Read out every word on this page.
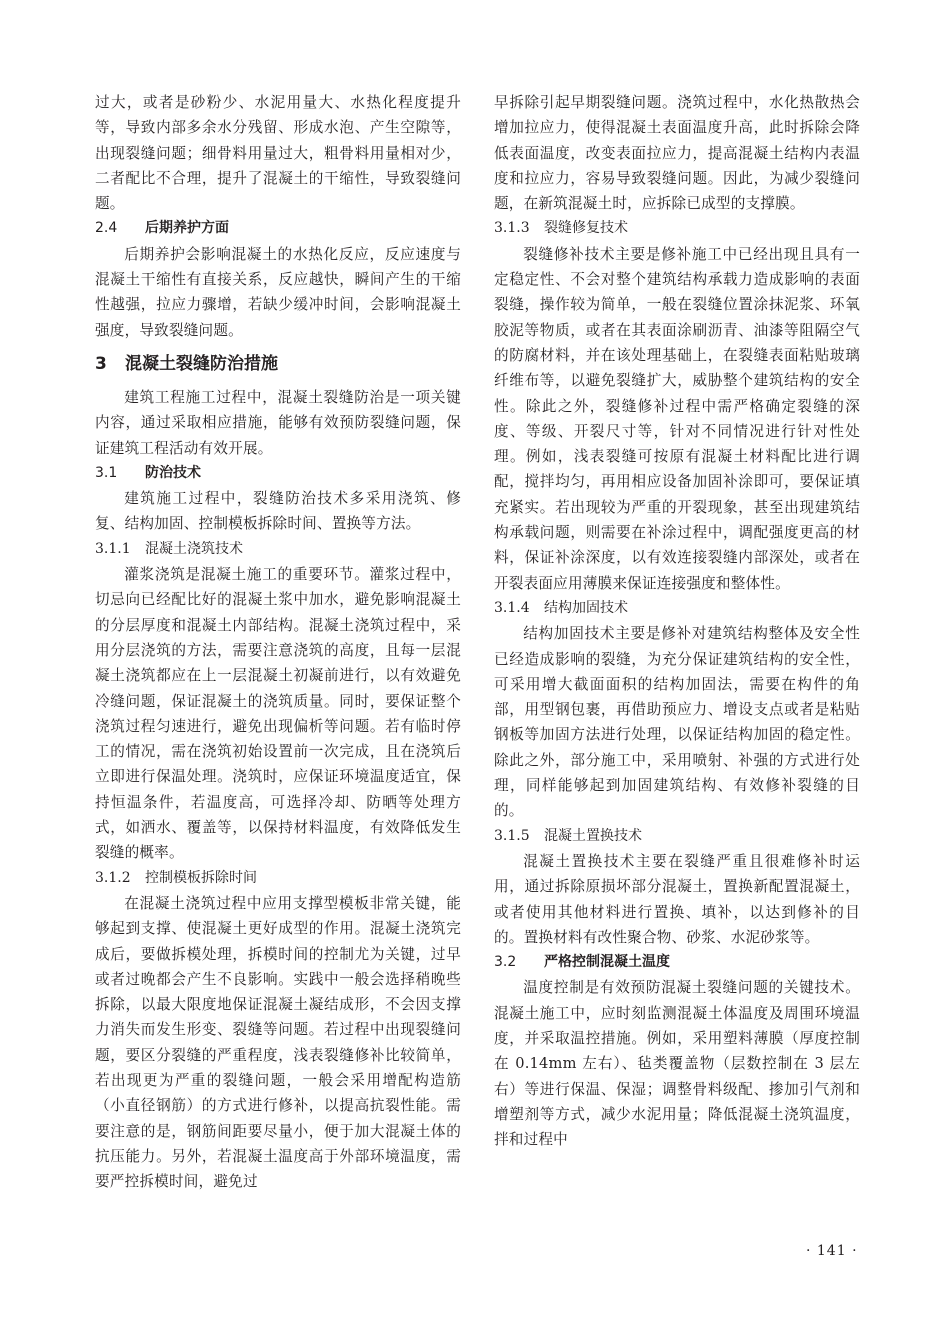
过大，或者是砂粉少、水泥用量大、水热化程度提升等，导致内部多余水分残留、形成水泡、产生空隙等，出现裂缝问题；细骨料用量过大，粗骨料用量相对少，二者配比不合理，提升了混凝土的干缩性，导致裂缝问题。

2.4 后期养护方面

后期养护会影响混凝土的水热化反应，反应速度与混凝土干缩性有直接关系，反应越快，瞬间产生的干缩性越强，拉应力骤增，若缺少缓冲时间，会影响混凝土强度，导致裂缝问题。

3 混凝土裂缝防治措施

建筑工程施工过程中，混凝土裂缝防治是一项关键内容，通过采取相应措施，能够有效预防裂缝问题，保证建筑工程活动有效开展。

3.1 防治技术

建筑施工过程中，裂缝防治技术多采用浇筑、修复、结构加固、控制模板拆除时间、置换等方法。

3.1.1 混凝土浇筑技术

灌浆浇筑是混凝土施工的重要环节。灌浆过程中，切忌向已经配比好的混凝土浆中加水，避免影响混凝土的分层厚度和混凝土内部结构。混凝土浇筑过程中，采用分层浇筑的方法，需要注意浇筑的高度，且每一层混凝土浇筑都应在上一层混凝土初凝前进行，以有效避免冷缝问题，保证混凝土的浇筑质量。同时，要保证整个浇筑过程匀速进行，避免出现偏析等问题。若有临时停工的情况，需在浇筑初始设置前一次完成，且在浇筑后立即进行保温处理。浇筑时，应保证环境温度适宜，保持恒温条件，若温度高，可选择冷却、防晒等处理方式，如洒水、覆盖等，以保持材料温度，有效降低发生裂缝的概率。

3.1.2 控制模板拆除时间

在混凝土浇筑过程中应用支撑型模板非常关键，能够起到支撑、使混凝土更好成型的作用。混凝土浇筑完成后，要做拆模处理，拆模时间的控制尤为关键，过早或者过晚都会产生不良影响。实践中一般会选择稍晚些拆除，以最大限度地保证混凝土凝结成形，不会因支撑力消失而发生形变、裂缝等问题。若过程中出现裂缝问题，要区分裂缝的严重程度，浅表裂缝修补比较简单，若出现更为严重的裂缝问题，一般会采用增配构造筋（小直径钢筋）的方式进行修补，以提高抗裂性能。需要注意的是，钢筋间距要尽量小，便于加大混凝土体的抗压能力。另外，若混凝土温度高于外部环境温度，需要严控拆模时间，避免过

早拆除引起早期裂缝问题。浇筑过程中，水化热散热会增加拉应力，使得混凝土表面温度升高，此时拆除会降低表面温度，改变表面拉应力，提高混凝土结构内表温度和拉应力，容易导致裂缝问题。因此，为减少裂缝问题，在新筑混凝土时，应拆除已成型的支撑膜。

3.1.3 裂缝修复技术

裂缝修补技术主要是修补施工中已经出现且具有一定稳定性、不会对整个建筑结构承载力造成影响的表面裂缝，操作较为简单，一般在裂缝位置涂抹泥浆、环氧胶泥等物质，或者在其表面涂刷沥青、油漆等阻隔空气的防腐材料，并在该处理基础上，在裂缝表面粘贴玻璃纤维布等，以避免裂缝扩大，威胁整个建筑结构的安全性。除此之外，裂缝修补过程中需严格确定裂缝的深度、等级、开裂尺寸等，针对不同情况进行针对性处理。例如，浅表裂缝可按原有混凝土材料配比进行调配，搅拌均匀，再用相应设备加固补涂即可，要保证填充紧实。若出现较为严重的开裂现象，甚至出现建筑结构承载问题，则需要在补涂过程中，调配强度更高的材料，保证补涂深度，以有效连接裂缝内部深处，或者在开裂表面应用薄膜来保证连接强度和整体性。

3.1.4 结构加固技术

结构加固技术主要是修补对建筑结构整体及安全性已经造成影响的裂缝，为充分保证建筑结构的安全性，可采用增大截面面积的结构加固法，需要在构件的角部，用型钢包裹，再借助预应力、增设支点或者是粘贴钢板等加固方法进行处理，以保证结构加固的稳定性。除此之外，部分施工中，采用喷射、补强的方式进行处理，同样能够起到加固建筑结构、有效修补裂缝的目的。

3.1.5 混凝土置换技术

混凝土置换技术主要在裂缝严重且很难修补时运用，通过拆除原损坏部分混凝土，置换新配置混凝土，或者使用其他材料进行置换、填补，以达到修补的目的。置换材料有改性聚合物、砂浆、水泥砂浆等。

3.2 严格控制混凝土温度

温度控制是有效预防混凝土裂缝问题的关键技术。混凝土施工中，应时刻监测混凝土体温度及周围环境温度，并采取温控措施。例如，采用塑料薄膜（厚度控制在 0.14mm 左右）、毡类覆盖物（层数控制在 3 层左右）等进行保温、保湿；调整骨料级配、掺加引气剂和增塑剂等方式，减少水泥用量；降低混凝土浇筑温度，拌和过程中

· 141 ·
